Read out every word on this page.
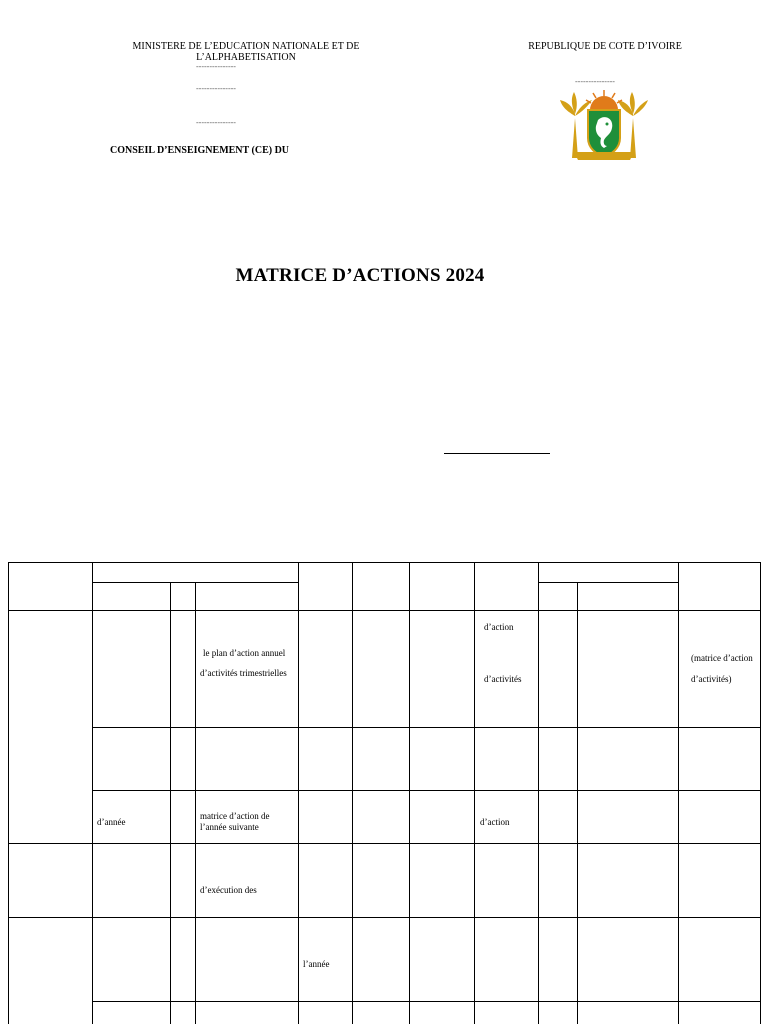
MINISTERE DE L’EDUCATION NATIONALE ET DE
L’ALPHABETISATION
---------------
---------------
---------------
CONSEIL D’ENSEIGNEMENT (CE) DU
REPUBLIQUE DE COTE D’IVOIRE
---------------
MATRICE D’ACTIONS 2024
le plan d’action annuel
d’activités trimestrielles
d’action
d’activités
(matrice d’action
d’activités)
d’année
matrice d’action de
l’année suivante	d’action
d’exécution des
l’année
